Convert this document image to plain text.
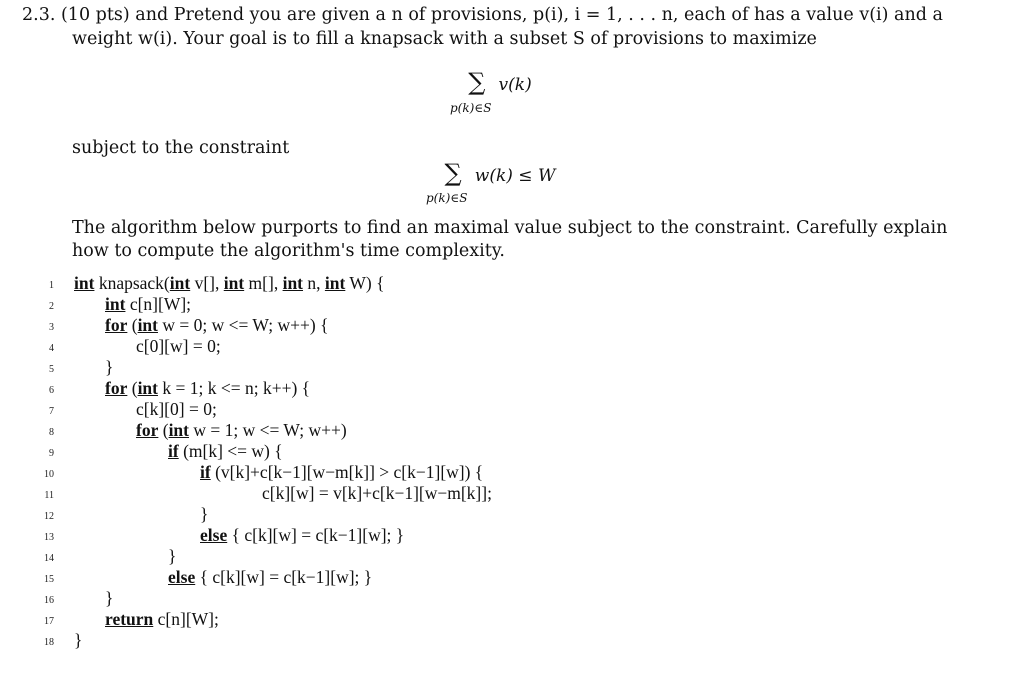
2.3. (10 pts) and Pretend you are given a n of provisions, p(i), i = 1, . . . n, each of has a value v(i) and a
weight w(i). Your goal is to fill a knapsack with a subset S of provisions to maximize
∑ v(k)
p(k)∈S
subject to the constraint
∑ w(k) ≤ W
p(k)∈S
The algorithm below purports to find an maximal value subject to the constraint. Carefully explain
how to compute the algorithm's time complexity.
1
2
3
4
5
6
7
8
9
10
11
12
13
14
15
16
17
18
int knapsack(int v[], int m[], int n, int W) {
int c[n][W];
for (int w = 0; w <= W; w++) {
c[0][w] = 0;
}
for (int k = 1; k <= n; k++) {
c[k][0] = 0;
for (int w = 1; w <= W; w++)
if (m[k] <= w) {
if (v[k]+c[k−1][w−m[k]] > c[k−1][w]) {
c[k][w] = v[k]+c[k−1][w−m[k]];
}
else { c[k][w] = c[k−1][w]; }
}
else { c[k][w] = c[k−1][w]; }
}
return c[n][W];
}
